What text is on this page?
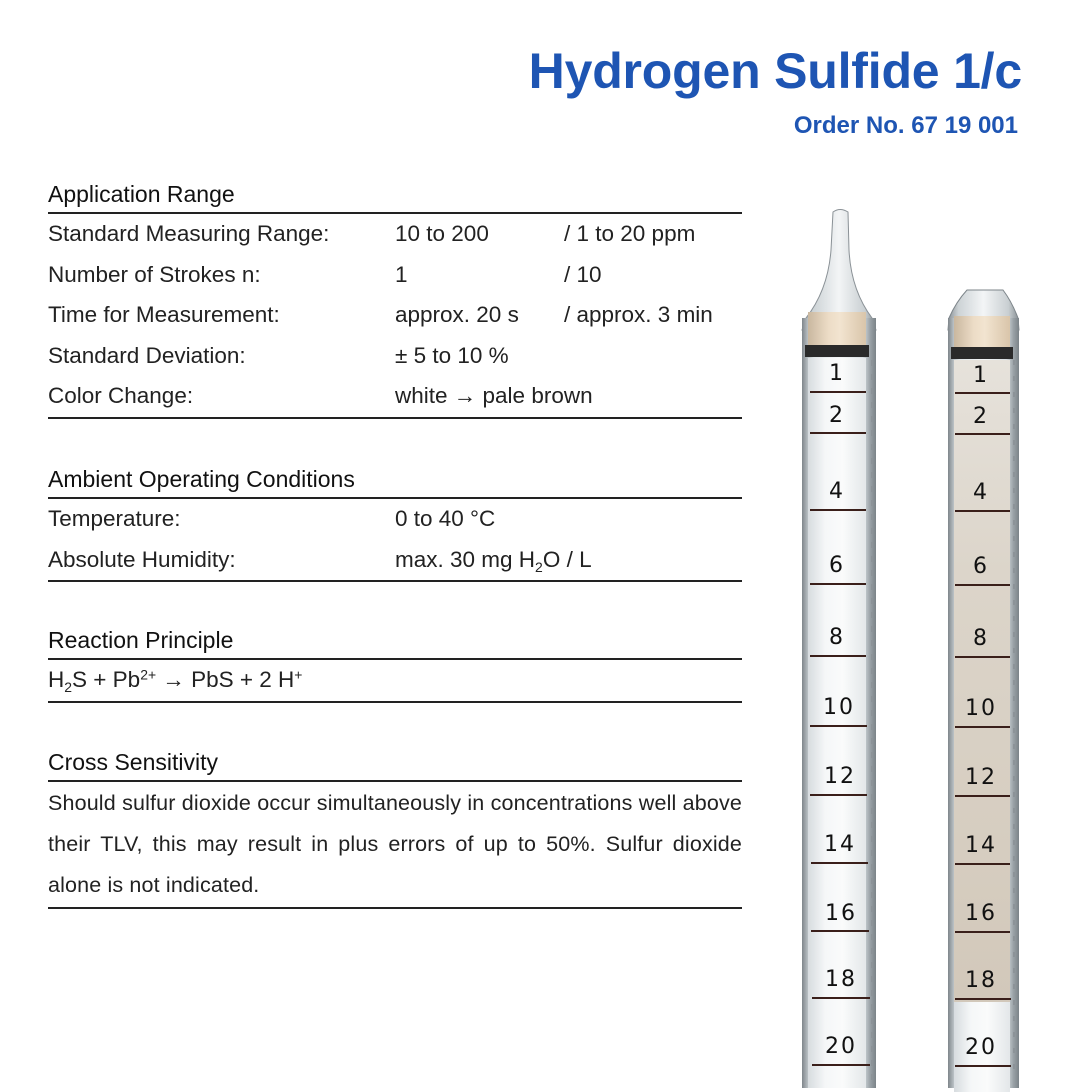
Hydrogen Sulfide 1/c
Order No. 67 19 001
Application Range
Standard Measuring Range:	10 to 200	/ 1 to 20 ppm
Number of Strokes n:	1	/ 10
Time for Measurement:	approx. 20 s	/ approx. 3 min
Standard Deviation:	± 5 to 10 %
Color Change:	white → pale brown
Ambient Operating Conditions
Temperature:	0 to 40 °C
Absolute Humidity:	max. 30 mg $H_2O$ / L
Reaction Principle
$H_2S + Pb^{2+}$ → PbS + 2 H+
Cross Sensitivity

Should sulfur dioxide occur simultaneously in concentrations well above their TLV, this may result in plus errors of up to 50%. Sulfur dioxide alone is not indicated.

1
2
4
6
8
10
12
14
16
18
20
1
2
4
6
8
10
12
14
16
18
20
